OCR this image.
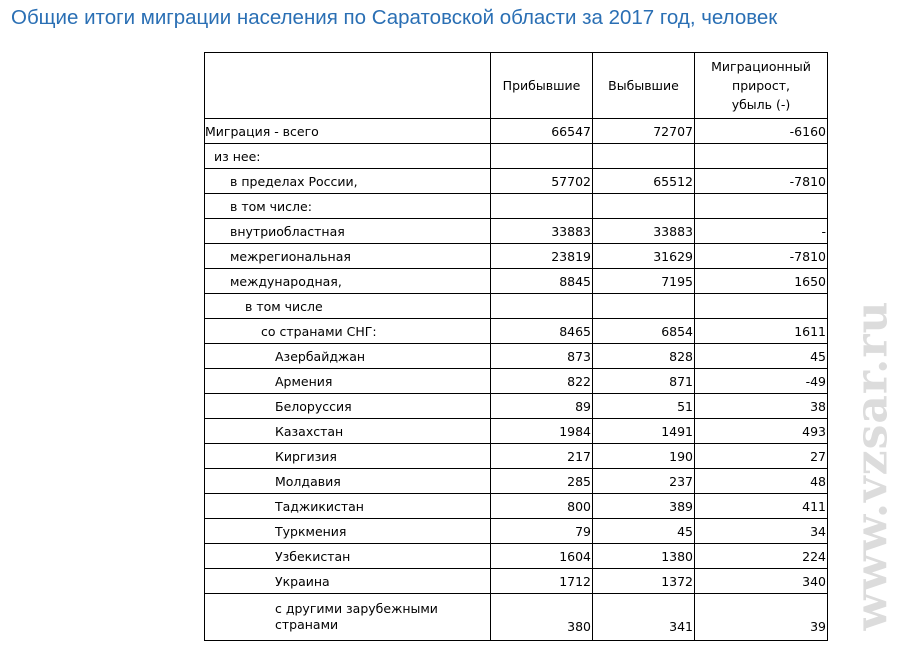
Общие итоги миграции населения по Саратовской области за 2017 год, человек
	Прибывшие	Выбывшие	Миграционный
прирост,
убыль (-)

Миграция - всего	66547	72707	-6160
из нее:			
в пределах России,	57702	65512	-7810
в том числе:			
внутриобластная	33883	33883	-
межрегиональная	23819	31629	-7810
международная,	8845	7195	1650
в том числе			
со странами СНГ:	8465	6854	1611
Азербайджан	873	828	45
Армения	822	871	-49
Белоруссия	89	51	38
Казахстан	1984	1491	493
Киргизия	217	190	27
Молдавия	285	237	48
Таджикистан	800	389	411
Туркмения	79	45	34
Узбекистан	1604	1380	224
Украина	1712	1372	340
с другими зарубежными странами	380	341	39 www.vzsar.ru
